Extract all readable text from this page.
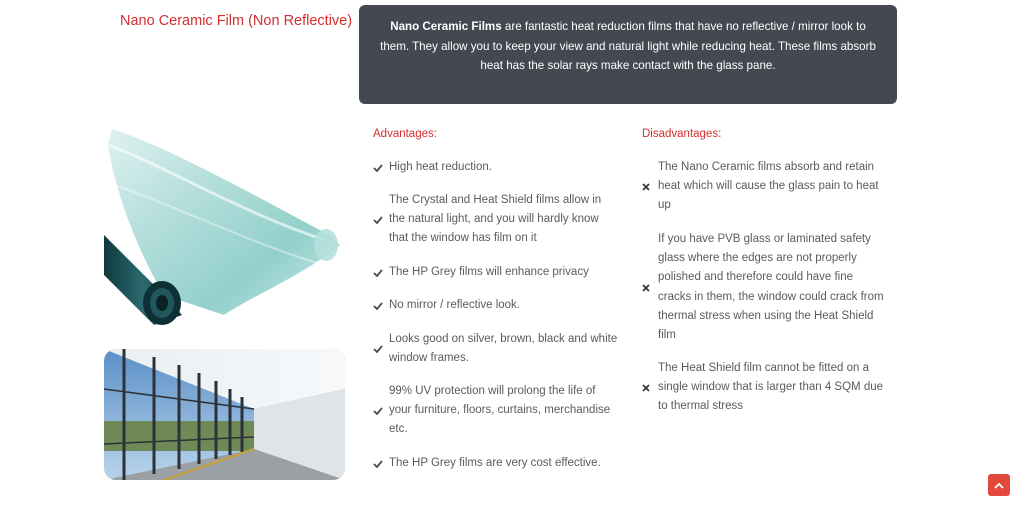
Nano Ceramic Film (Non Reflective)	Nano Ceramic Films are fantastic heat reduction films that have no reflective / mirror look to them. They allow you to keep your view and natural light while reducing heat. These films absorb heat has the solar rays make contact with the glass pane.
Advantages:
High heat reduction.
The Crystal and Heat Shield films allow in the natural light, and you will hardly know that the window has film on it
The HP Grey films will enhance privacy
No mirror / reflective look.
Looks good on silver, brown, black and white window frames.
99% UV protection will prolong the life of your furniture, floors, curtains, merchandise etc.
The HP Grey films are very cost effective.
Disadvantages:
The Nano Ceramic films absorb and retain heat which will cause the glass pain to heat up
If you have PVB glass or laminated safety glass where the edges are not properly polished and therefore could have fine cracks in them, the window could crack from thermal stress when using the Heat Shield film
The Heat Shield film cannot be fitted on a single window that is larger than 4 SQM due to thermal stress
